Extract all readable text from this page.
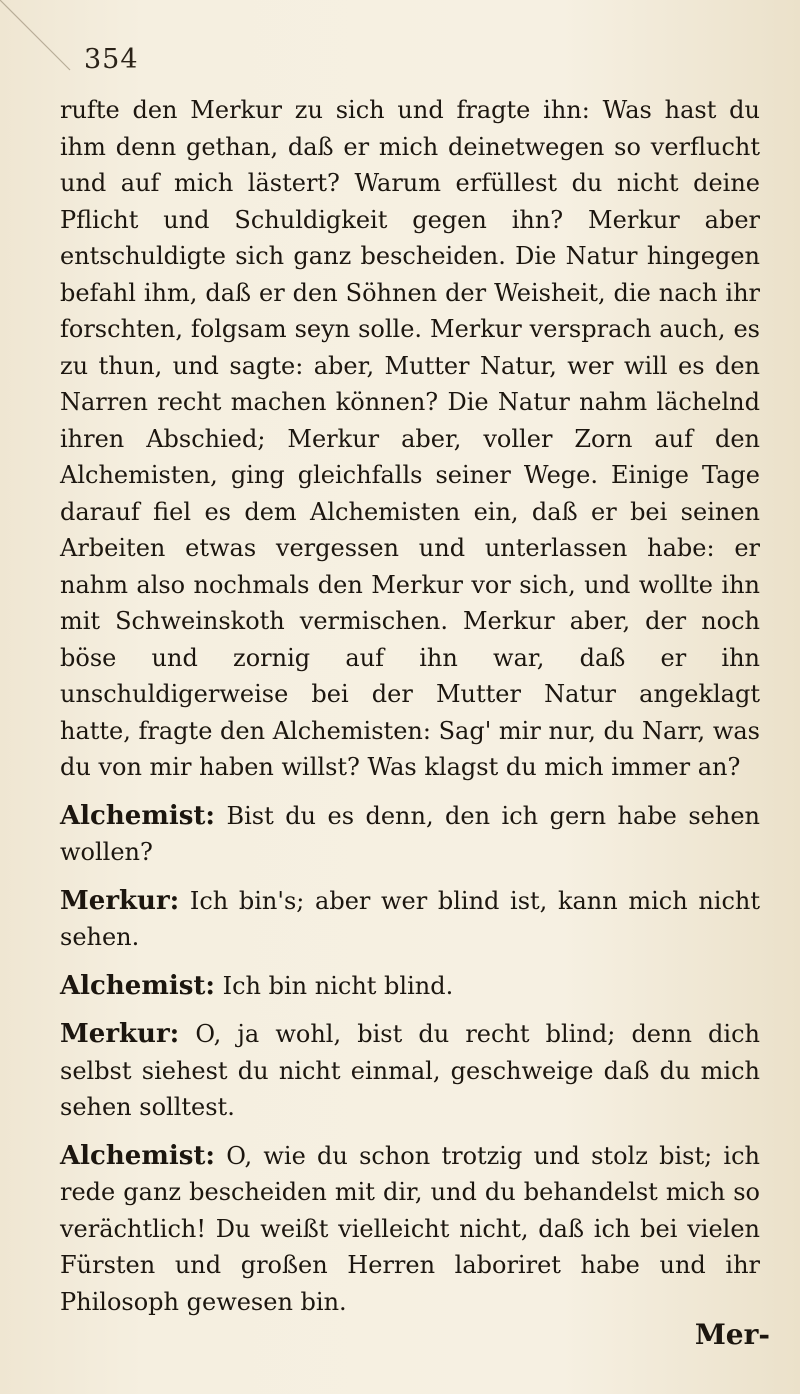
354

rufte den Merkur zu sich und fragte ihn: Was hast du ihm denn gethan, daß er mich deinetwegen so verflucht und auf mich lästert? Warum erfüllest du nicht deine Pflicht und Schuldigkeit gegen ihn? Merkur aber entschuldigte sich ganz bescheiden. Die Natur hingegen befahl ihm, daß er den Söhnen der Weisheit, die nach ihr forschten, folgsam seyn solle. Merkur versprach auch, es zu thun, und sagte: aber, Mutter Natur, wer will es den Narren recht machen können? Die Natur nahm lächelnd ihren Abschied; Merkur aber, voller Zorn auf den Alchemisten, ging gleichfalls seiner Wege. Einige Tage darauf fiel es dem Alchemisten ein, daß er bei seinen Arbeiten etwas vergessen und unterlassen habe: er nahm also nochmals den Merkur vor sich, und wollte ihn mit Schweinskoth vermischen. Merkur aber, der noch böse und zornig auf ihn war, daß er ihn unschuldigerweise bei der Mutter Natur angeklagt hatte, fragte den Alchemisten: Sag' mir nur, du Narr, was du von mir haben willst? Was klagst du mich immer an?

Alchemist: Bist du es denn, den ich gern habe sehen wollen?

Merkur: Ich bin's; aber wer blind ist, kann mich nicht sehen.

Alchemist: Ich bin nicht blind.

Merkur: O, ja wohl, bist du recht blind; denn dich selbst siehest du nicht einmal, geschweige daß du mich sehen solltest.

Alchemist: O, wie du schon trotzig und stolz bist; ich rede ganz bescheiden mit dir, und du behandelst mich so verächtlich! Du weißt vielleicht nicht, daß ich bei vielen Fürsten und großen Herren laboriret habe und ihr Philosoph gewesen bin.

Mer-
